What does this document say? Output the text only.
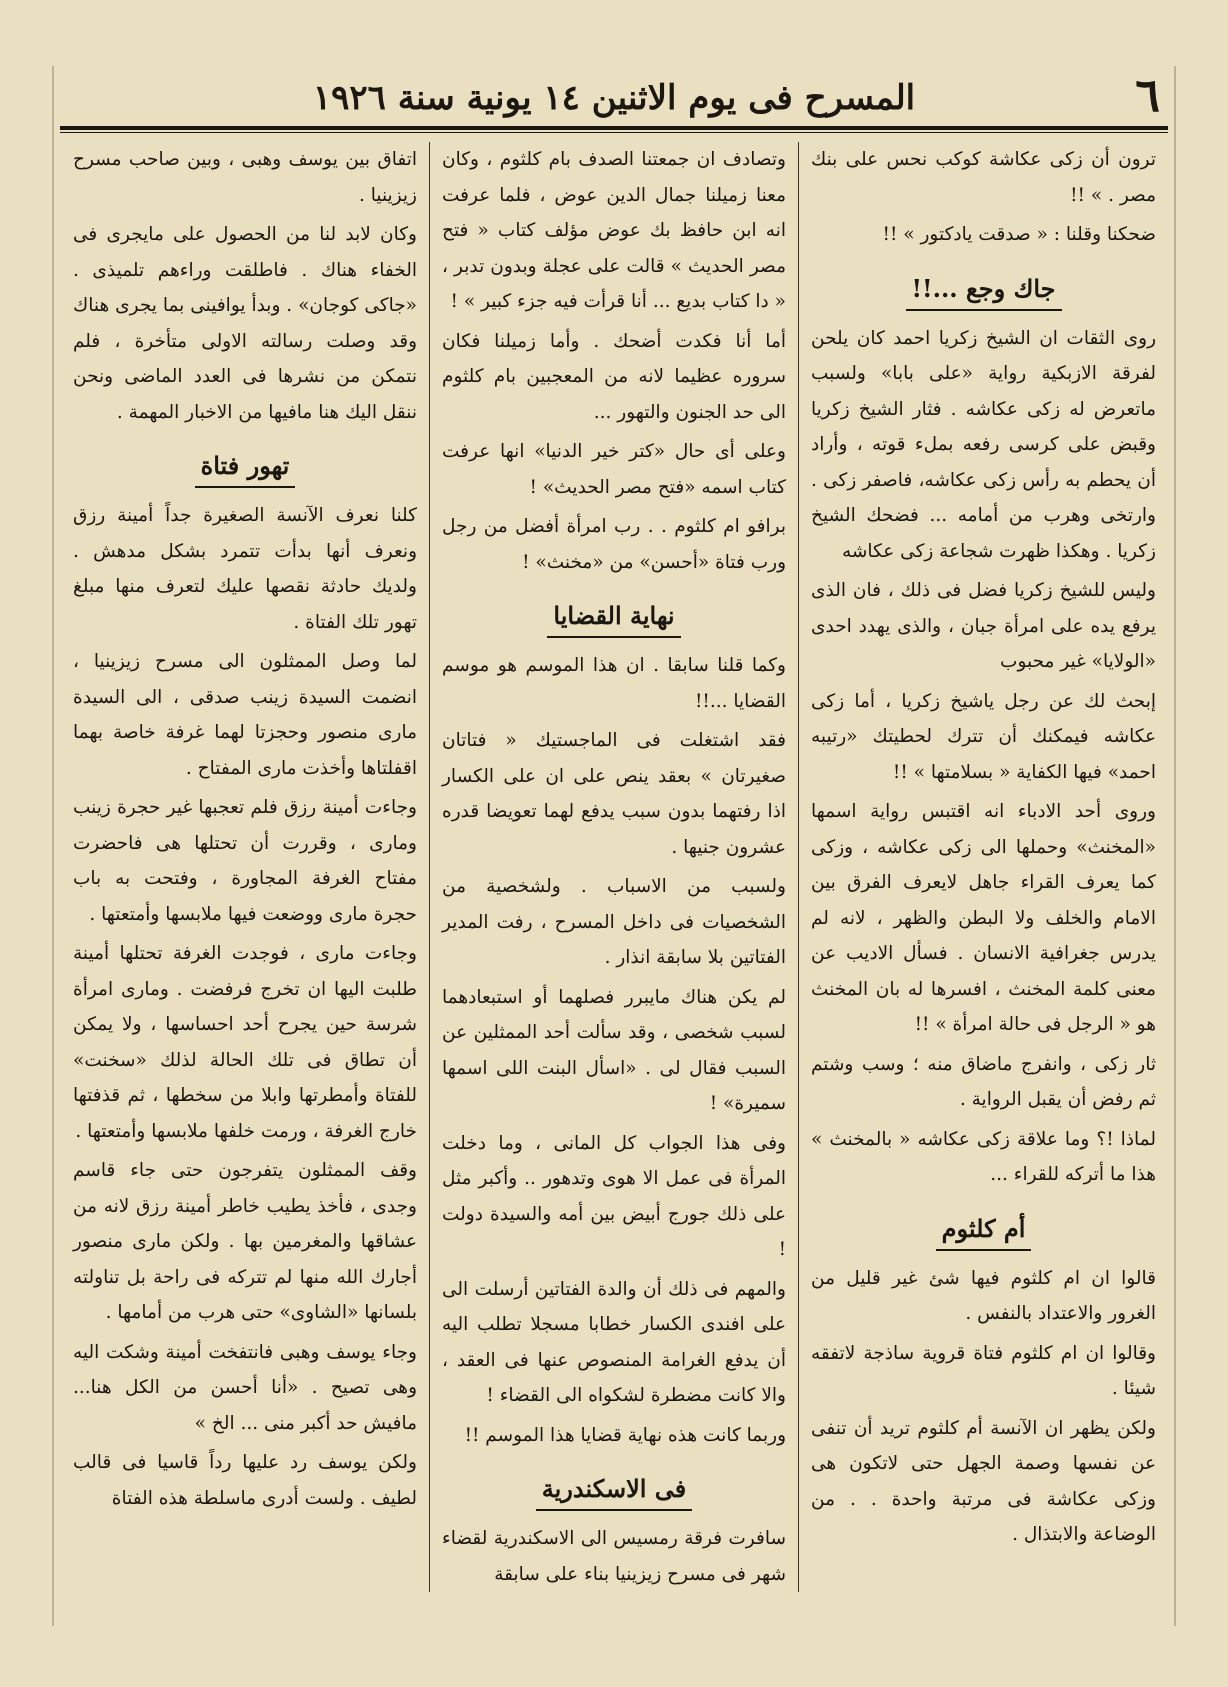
٦
المسرح فى يوم الاثنين ١٤ يونية سنة ١٩٢٦

ترون أن زكى عكاشة كوكب نحس على بنك مصر . » !!

ضحكنا وقلنا : « صدقت يادكتور » !!

جاك وجع ...!!

روى الثقات ان الشيخ زكريا احمد كان يلحن لفرقة الازبكية رواية «على بابا» ولسبب ماتعرض له زكى عكاشه . فثار الشيخ زكريا وقبض على كرسى رفعه بملء قوته ، وأراد أن يحطم به رأس زكى عكاشه، فاصفر زكى . وارتخى وهرب من أمامه ... فضحك الشيخ زكريا . وهكذا ظهرت شجاعة زكى عكاشه

وليس للشيخ زكريا فضل فى ذلك ، فان الذى يرفع يده على امرأة جبان ، والذى يهدد احدى «الولايا» غير محبوب

إبحث لك عن رجل ياشيخ زكريا ، أما زكى عكاشه فيمكنك أن تترك لحطيتك «رتيبه احمد» فيها الكفاية « بسلامتها » !!

وروى أحد الادباء انه اقتبس رواية اسمها «المخنث» وحملها الى زكى عكاشه ، وزكى كما يعرف القراء جاهل لايعرف الفرق بين الامام والخلف ولا البطن والظهر ، لانه لم يدرس جغرافية الانسان . فسأل الاديب عن معنى كلمة المخنث ، افسرها له بان المخنث هو « الرجل فى حالة امرأة » !!

ثار زكى ، وانفرج ماضاق منه ؛ وسب وشتم ثم رفض أن يقبل الرواية .

لماذا !؟ وما علاقة زكى عكاشه « بالمخنث » هذا ما أتركه للقراء ...

أم كلثوم

قالوا ان ام كلثوم فيها شئ غير قليل من الغرور والاعتداد بالنفس .

وقالوا ان ام كلثوم فتاة قروية ساذجة لاتفقه شيئا .

ولكن يظهر ان الآنسة أم كلثوم تريد أن تنفى عن نفسها وصمة الجهل حتى لاتكون هى وزكى عكاشة فى مرتبة واحدة . . من الوضاعة والابتذال .

وتصادف ان جمعتنا الصدف بام كلثوم ، وكان معنا زميلنا جمال الدين عوض ، فلما عرفت انه ابن حافظ بك عوض مؤلف كتاب « فتح مصر الحديث » قالت على عجلة وبدون تدبر ، « دا كتاب بديع ... أنا قرأت فيه جزء كبير » !

أما أنا فكدت أضحك . وأما زميلنا فكان سروره عظيما لانه من المعجبين بام كلثوم الى حد الجنون والتهور ...

وعلى أى حال «كتر خير الدنيا» انها عرفت كتاب اسمه «فتح مصر الحديث» !

برافو ام كلثوم . . رب امرأة أفضل من رجل ورب فتاة «أحسن» من «مخنث» !

نهاية القضايا

وكما قلنا سابقا . ان هذا الموسم هو موسم القضايا ...!!

فقد اشتغلت فى الماجستيك « فتاتان صغيرتان » بعقد ينص على ان على الكسار اذا رفتهما بدون سبب يدفع لهما تعويضا قدره عشرون جنيها .

ولسبب من الاسباب . ولشخصية من الشخصيات فى داخل المسرح ، رفت المدير الفتاتين بلا سابقة انذار .

لم يكن هناك مايبرر فصلهما أو استبعادهما لسبب شخصى ، وقد سألت أحد الممثلين عن السبب فقال لى . «اسأل البنت اللى اسمها سميرة» !

وفى هذا الجواب كل المانى ، وما دخلت المرأة فى عمل الا هوى وتدهور .. وأكبر مثل على ذلك جورج أبيض بين أمه والسيدة دولت !

والمهم فى ذلك أن والدة الفتاتين أرسلت الى على افندى الكسار خطابا مسجلا تطلب اليه أن يدفع الغرامة المنصوص عنها فى العقد ، والا كانت مضطرة لشكواه الى القضاء !

وربما كانت هذه نهاية قضايا هذا الموسم !!

فى الاسكندرية

سافرت فرقة رمسيس الى الاسكندرية لقضاء شهر فى مسرح زيزينيا بناء على سابقة

اتفاق بين يوسف وهبى ، وبين صاحب مسرح زيزينيا .

وكان لابد لنا من الحصول على مايجرى فى الخفاء هناك . فاطلقت وراءهم تلميذى . «جاكى كوجان» . وبدأ يوافينى بما يجرى هناك وقد وصلت رسالته الاولى متأخرة ، فلم نتمكن من نشرها فى العدد الماضى ونحن ننقل اليك هنا مافيها من الاخبار المهمة .

تهور فتاة

كلنا نعرف الآنسة الصغيرة جداً أمينة رزق ونعرف أنها بدأت تتمرد بشكل مدهش . ولديك حادثة نقصها عليك لتعرف منها مبلغ تهور تلك الفتاة .

لما وصل الممثلون الى مسرح زيزينيا ، انضمت السيدة زينب صدقى ، الى السيدة مارى منصور وحجزتا لهما غرفة خاصة بهما اقفلتاها وأخذت مارى المفتاح .

وجاءت أمينة رزق فلم تعجبها غير حجرة زينب ومارى ، وقررت أن تحتلها هى فاحضرت مفتاح الغرفة المجاورة ، وفتحت به باب حجرة مارى ووضعت فيها ملابسها وأمتعتها .

وجاءت مارى ، فوجدت الغرفة تحتلها أمينة طلبت اليها ان تخرج فرفضت . ومارى امرأة شرسة حين يجرح أحد احساسها ، ولا يمكن أن تطاق فى تلك الحالة لذلك «سخنت» للفتاة وأمطرتها وابلا من سخطها ، ثم قذفتها خارج الغرفة ، ورمت خلفها ملابسها وأمتعتها .

وقف الممثلون يتفرجون حتى جاء قاسم وجدى ، فأخذ يطيب خاطر أمينة رزق لانه من عشاقها والمغرمين بها . ولكن مارى منصور أجارك الله منها لم تتركه فى راحة بل تناولته بلسانها «الشاوى» حتى هرب من أمامها .

وجاء يوسف وهبى فانتفخت أمينة وشكت اليه وهى تصيح . «أنا أحسن من الكل هنا... مافيش حد أكبر منى ... الخ »

ولكن يوسف رد عليها رداً قاسيا فى قالب لطيف . ولست أدرى ماسلطة هذه الفتاة
